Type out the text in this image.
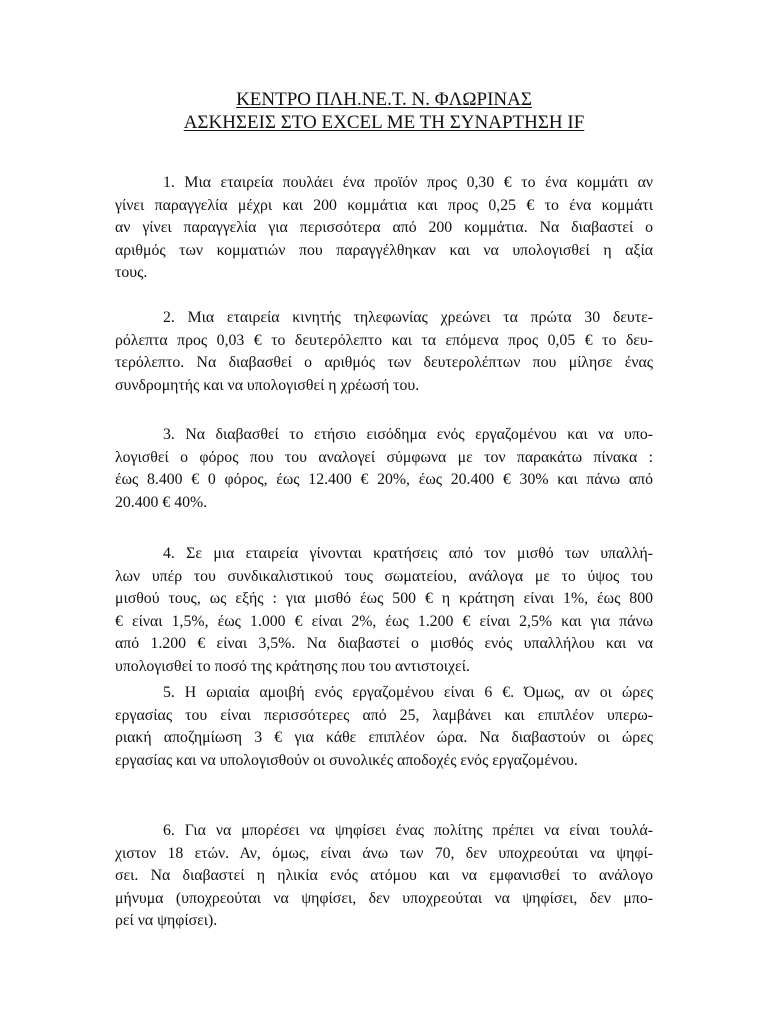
ΚΕΝΤΡΟ ΠΛΗ.ΝΕ.Τ. Ν. ΦΛΩΡΙΝΑΣ
ΑΣΚΗΣΕΙΣ ΣΤΟ EXCEL ΜΕ ΤΗ ΣΥΝΑΡΤΗΣΗ IF
1. Μια εταιρεία πουλάει ένα προϊόν προς 0,30 € το ένα κομμάτι αν
γίνει παραγγελία μέχρι και 200 κομμάτια και προς 0,25 € το ένα κομμάτι
αν γίνει παραγγελία για περισσότερα από 200 κομμάτια. Να διαβαστεί ο
αριθμός των κομματιών που παραγγέλθηκαν και να υπολογισθεί η αξία
τους.
2. Μια εταιρεία κινητής τηλεφωνίας χρεώνει τα πρώτα 30 δευτε-
ρόλεπτα προς 0,03 € το δευτερόλεπτο και τα επόμενα προς 0,05 € το δευ-
τερόλεπτο. Να διαβασθεί ο αριθμός των δευτερολέπτων που μίλησε ένας
συνδρομητής και να υπολογισθεί η χρέωσή του.
3. Να διαβασθεί το ετήσιο εισόδημα ενός εργαζομένου και να υπο-
λογισθεί ο φόρος που του αναλογεί σύμφωνα με τον παρακάτω πίνακα :
έως 8.400 € 0 φόρος, έως 12.400 € 20%, έως 20.400 € 30% και πάνω από
20.400 € 40%.
4. Σε μια εταιρεία γίνονται κρατήσεις από τον μισθό των υπαλλή-
λων υπέρ του συνδικαλιστικού τους σωματείου, ανάλογα με το ύψος του
μισθού τους, ως εξής : για μισθό έως 500 € η κράτηση είναι 1%, έως 800
€ είναι 1,5%, έως 1.000 € είναι 2%, έως 1.200 € είναι 2,5% και για πάνω
από 1.200 € είναι 3,5%. Να διαβαστεί ο μισθός ενός υπαλλήλου και να
υπολογισθεί το ποσό της κράτησης που του αντιστοιχεί.
5. Η ωριαία αμοιβή ενός εργαζομένου είναι 6 €. Όμως, αν οι ώρες
εργασίας του είναι περισσότερες από 25, λαμβάνει και επιπλέον υπερω-
ριακή αποζημίωση 3 € για κάθε επιπλέον ώρα. Να διαβαστούν οι ώρες
εργασίας και να υπολογισθούν οι συνολικές αποδοχές ενός εργαζομένου.
6. Για να μπορέσει να ψηφίσει ένας πολίτης πρέπει να είναι τουλά-
χιστον 18 ετών. Αν, όμως, είναι άνω των 70, δεν υποχρεούται να ψηφί-
σει. Να διαβαστεί η ηλικία ενός ατόμου και να εμφανισθεί το ανάλογο
μήνυμα (υποχρεούται να ψηφίσει, δεν υποχρεούται να ψηφίσει, δεν μπο-
ρεί να ψηφίσει).
